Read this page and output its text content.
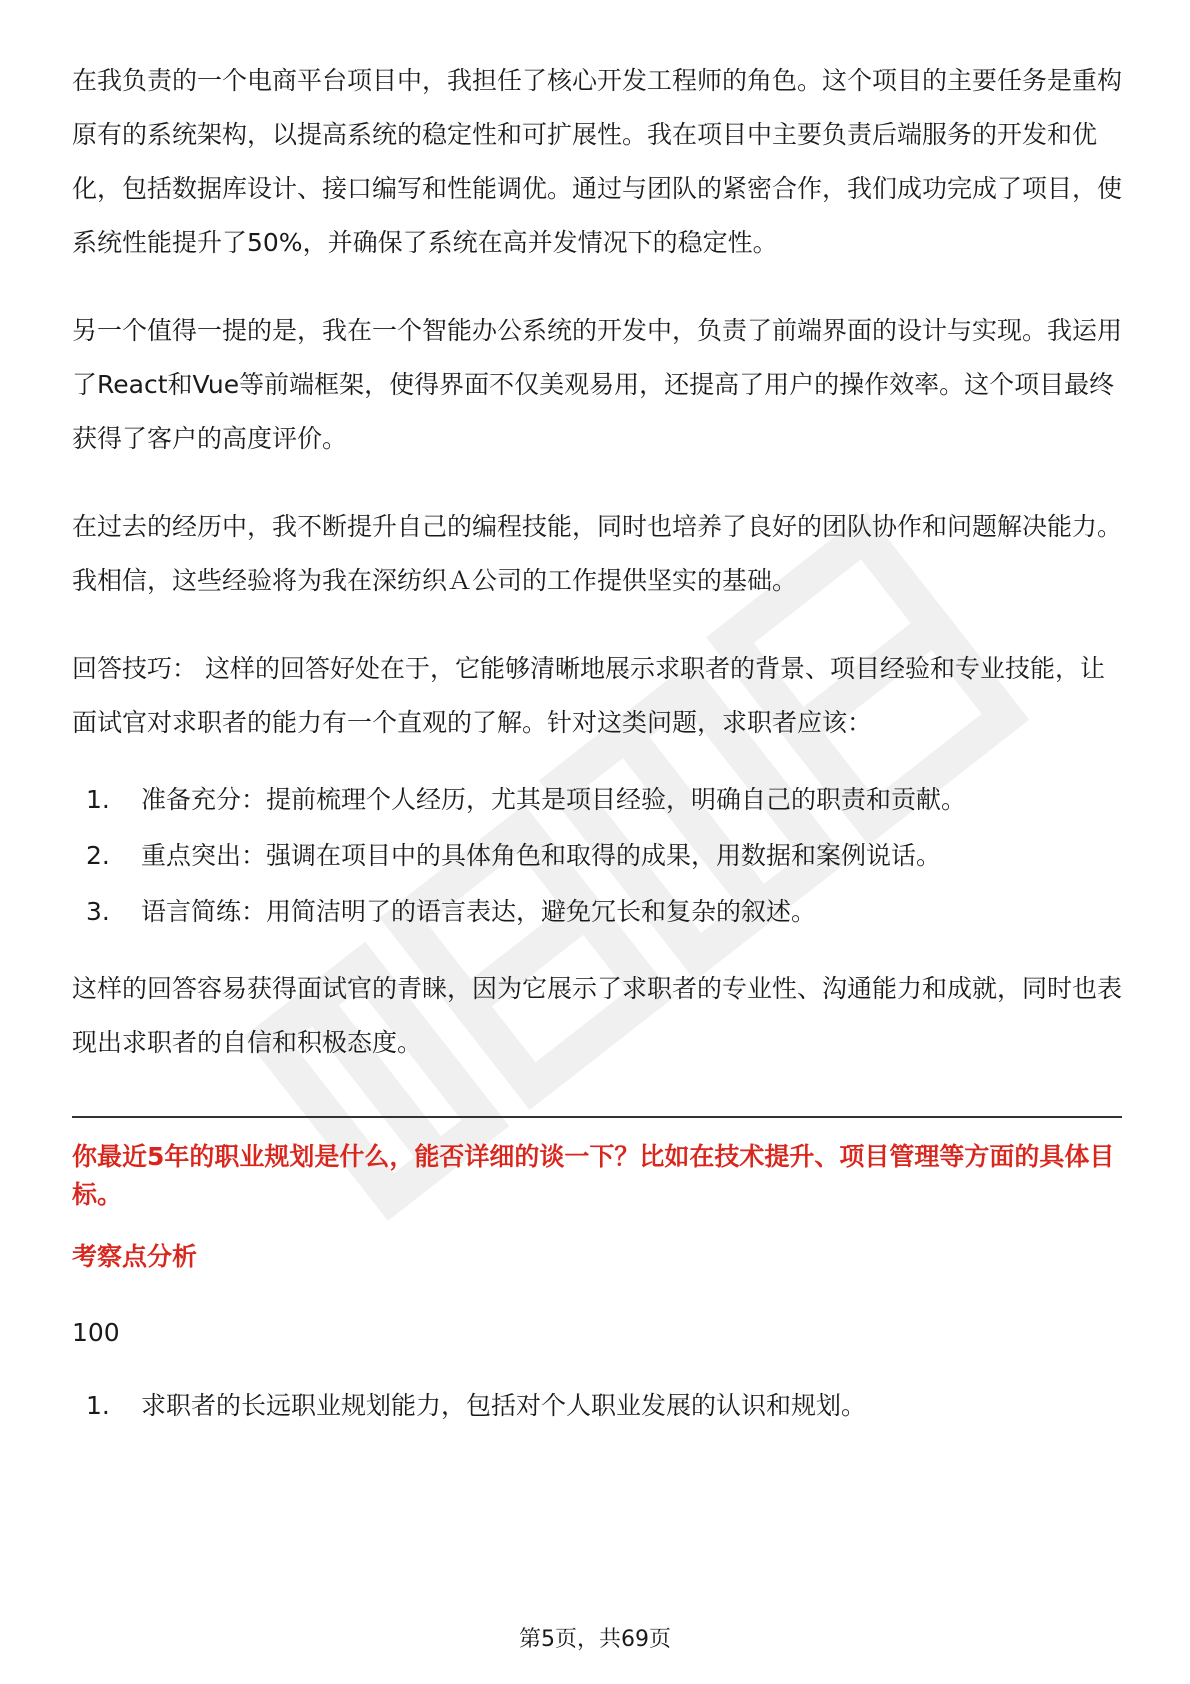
在我负责的一个电商平台项目中，我担任了核心开发工程师的角色。这个项目的主要任务是重构原有的系统架构，以提高系统的稳定性和可扩展性。我在项目中主要负责后端服务的开发和优化，包括数据库设计、接口编写和性能调优。通过与团队的紧密合作，我们成功完成了项目，使系统性能提升了50%，并确保了系统在高并发情况下的稳定性。

另一个值得一提的是，我在一个智能办公系统的开发中，负责了前端界面的设计与实现。我运用了React和Vue等前端框架，使得界面不仅美观易用，还提高了用户的操作效率。这个项目最终获得了客户的高度评价。

在过去的经历中，我不断提升自己的编程技能，同时也培养了良好的团队协作和问题解决能力。我相信，这些经验将为我在深纺织Ａ公司的工作提供坚实的基础。

回答技巧： 这样的回答好处在于，它能够清晰地展示求职者的背景、项目经验和专业技能，让面试官对求职者的能力有一个直观的了解。针对这类问题，求职者应该：

1.	准备充分：提前梳理个人经历，尤其是项目经验，明确自己的职责和贡献。
2.	重点突出：强调在项目中的具体角色和取得的成果，用数据和案例说话。
3.	语言简练：用简洁明了的语言表达，避免冗长和复杂的叙述。

这样的回答容易获得面试官的青睐，因为它展示了求职者的专业性、沟通能力和成就，同时也表现出求职者的自信和积极态度。

你最近5年的职业规划是什么，能否详细的谈一下？比如在技术提升、项目管理等方面的具体目标。

考察点分析

100

1.	求职者的长远职业规划能力，包括对个人职业发展的认识和规划。
第5页，共69页
